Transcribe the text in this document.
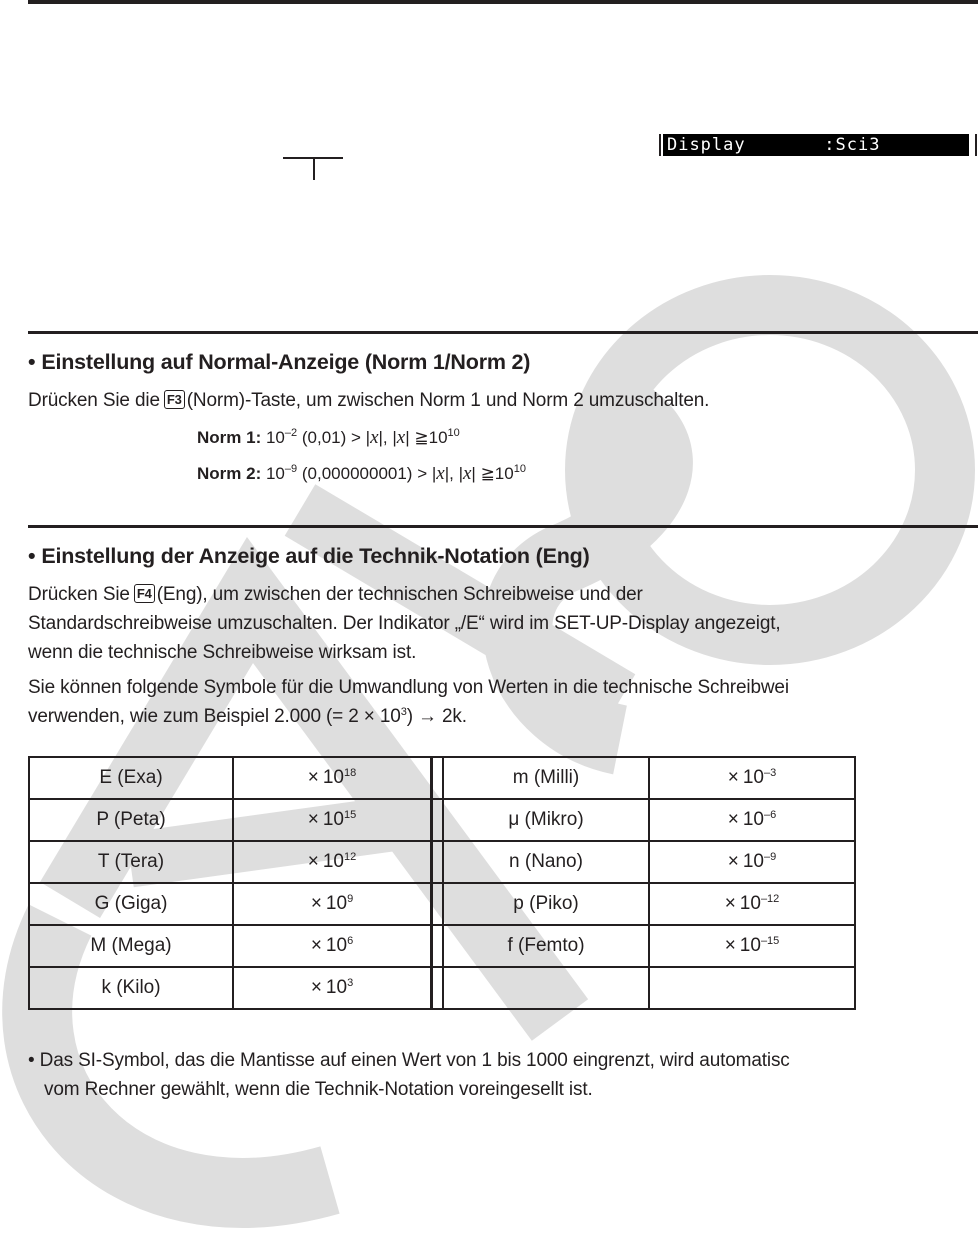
Display	:Sci3
• Einstellung auf Normal-Anzeige (Norm 1/Norm 2)

Drücken Sie die F3 (Norm)-Taste, um zwischen Norm 1 und Norm 2 umzuschalten.

Norm 1: $10^{-2}$ (0,01) > |x|, |x| $≧10^{10}$
Norm 2: $10^{-9}$ (0,000000001) > |x|, |x| $≧10^{10}$
• Einstellung der Anzeige auf die Technik-Notation (Eng)

Drücken Sie F4 (Eng), um zwischen der technischen Schreibweise und der

Standardschreibweise umzuschalten. Der Indikator „/E“ wird im SET-UP-Display angezeigt,

wenn die technische Schreibweise wirksam ist.

Sie können folgende Symbole für die Umwandlung von Werten in die technische Schreibwei

verwenden, wie zum Beispiel 2.000 (= $2 \times 10^3) \to 2k$.

E (Exa)	× $10^{18}$		m (Milli)	× $10^{-3}$
P (Peta)	× $10^{15}$		μ (Mikro)	× $10^{-6}$
T (Tera)	× $10^{12}$		n (Nano)	× $10^{-9}$
G (Giga)	× $10^9$		p (Piko)	× $10^{-12}$
M (Mega)	× $10^6$		f (Femto)	× $10^{-15}$
k (Kilo)	× $10^3$			
• Das SI-Symbol, das die Mantisse auf einen Wert von 1 bis 1000 eingrenzt, wird automatisc
vom Rechner gewählt, wenn die Technik-Notation voreingesellt ist.
